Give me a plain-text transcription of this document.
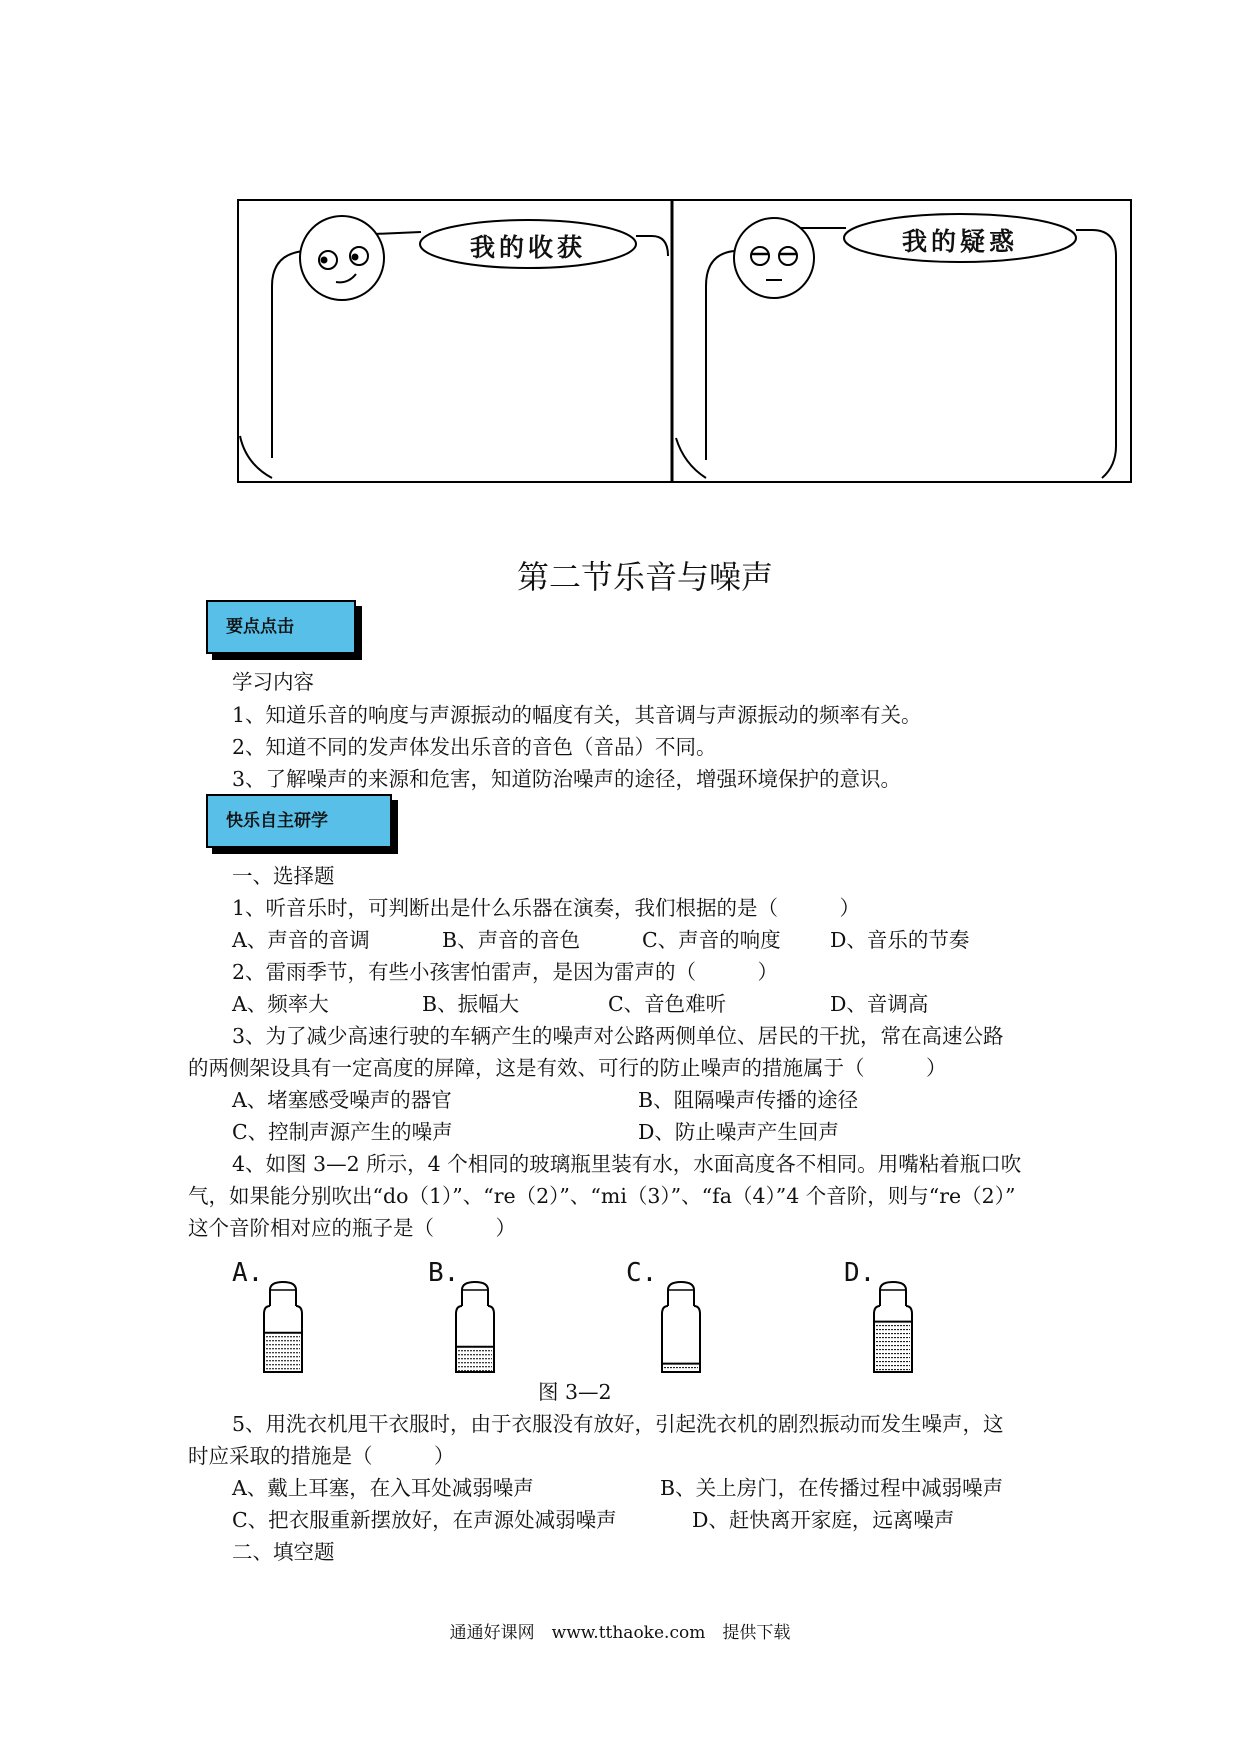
我的收获	我的疑惑
第二节乐音与噪声
要点点击
学习内容
1、知道乐音的响度与声源振动的幅度有关，其音调与声源振动的频率有关。
2、知道不同的发声体发出乐音的音色（音品）不同。
3、了解噪声的来源和危害，知道防治噪声的途径，增强环境保护的意识。
快乐自主研学
一、选择题
1、听音乐时，可判断出是什么乐器在演奏，我们根据的是（　　　）
A、声音的音调	B、声音的音色	C、声音的响度 D、音乐的节奏
2、雷雨季节，有些小孩害怕雷声，是因为雷声的（　　　）
A、频率大	B、振幅大	C、音色难听	D、音调高
3、为了减少高速行驶的车辆产生的噪声对公路两侧单位、居民的干扰，常在高速公路
的两侧架设具有一定高度的屏障，这是有效、可行的防止噪声的措施属于（　　　）
A、堵塞感受噪声的器官	B、阻隔噪声传播的途径
C、控制声源产生的噪声	D、防止噪声产生回声
4、如图 3—2 所示，4 个相同的玻璃瓶里装有水，水面高度各不相同。用嘴粘着瓶口吹
气，如果能分别吹出“do（1）”、“re（2）”、“mi（3）”、“fa（4）”4 个音阶，则与“re（2）”
这个音阶相对应的瓶子是（　　　）
A.	B.	C.	D.
图 3—2
5、用洗衣机甩干衣服时，由于衣服没有放好，引起洗衣机的剧烈振动而发生噪声，这
时应采取的措施是（　　　）
A、戴上耳塞，在入耳处减弱噪声	B、关上房门，在传播过程中减弱噪声
C、把衣服重新摆放好，在声源处减弱噪声	D、赶快离开家庭，远离噪声
二、填空题
通通好课网　www.tthaoke.com　提供下载
